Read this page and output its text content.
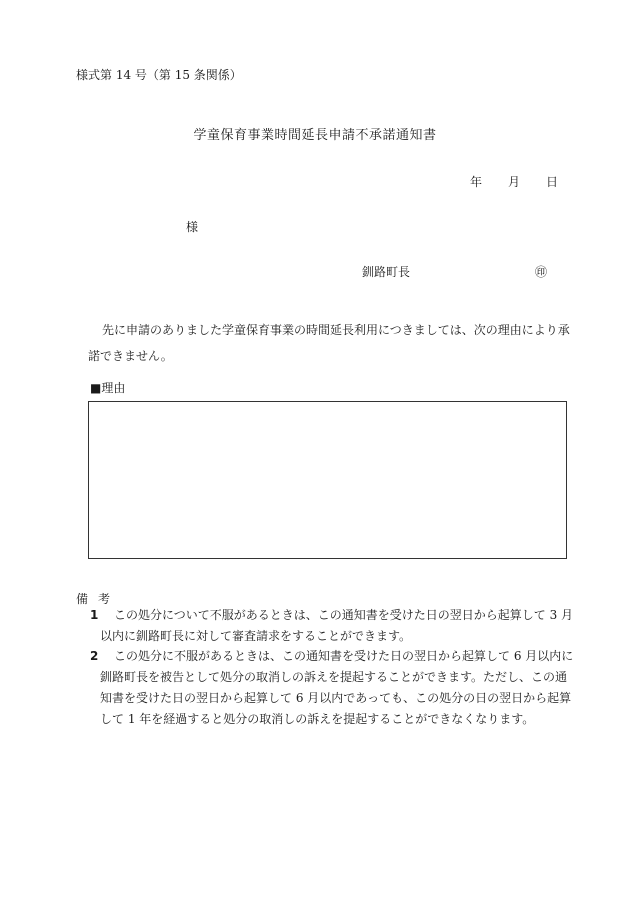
様式第 14 号（第 15 条関係）
学童保育事業時間延長申請不承諾通知書
年 月 日
様
釧路町長	㊞
先に申請のありました学童保育事業の時間延長利用につきましては、次の理由により承諾できません。
■理由
備考
1	この処分について不服があるときは、この通知書を受けた日の翌日から起算して 3 月以内に釧路町長に対して審査請求をすることができます。
2	この処分に不服があるときは、この通知書を受けた日の翌日から起算して 6 月以内に釧路町長を被告として処分の取消しの訴えを提起することができます。ただし、この通知書を受けた日の翌日から起算して 6 月以内であっても、この処分の日の翌日から起算して 1 年を経過すると処分の取消しの訴えを提起することができなくなります。
